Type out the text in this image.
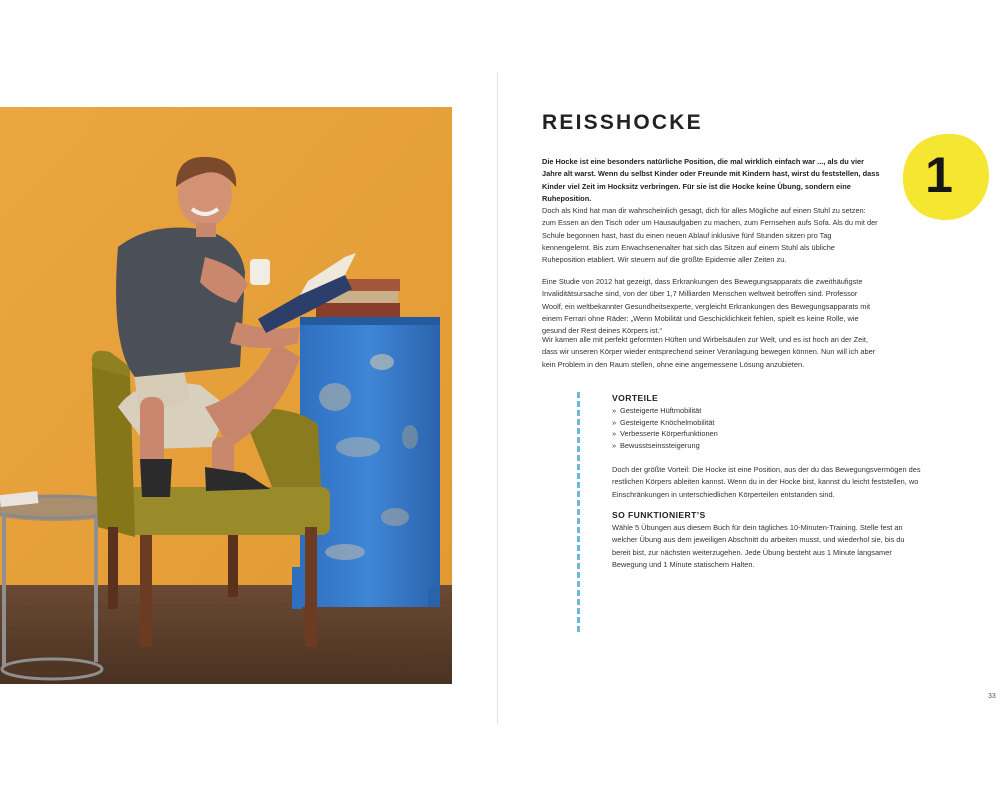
REISSHOCKE
1

Die Hocke ist eine besonders natürliche Position, die mal wirklich einfach war ..., als du vier Jahre alt warst. Wenn du selbst Kinder oder Freunde mit Kindern hast, wirst du feststellen, dass Kinder viel Zeit im Hocksitz verbringen. Für sie ist die Hocke keine Übung, sondern eine Ruheposition.

Doch als Kind hat man dir wahrscheinlich gesagt, dich für alles Mögliche auf einen Stuhl zu setzen: zum Essen an den Tisch oder um Hausaufgaben zu machen, zum Fernsehen aufs Sofa. Als du mit der Schule begonnen hast, hast du einen neuen Ablauf inklusive fünf Stunden sitzen pro Tag kennengelernt. Bis zum Erwachsenenalter hat sich das Sitzen auf einem Stuhl als übliche Ruheposition etabliert. Wir steuern auf die größte Epidemie aller Zeiten zu.

Eine Studie von 2012 hat gezeigt, dass Erkrankungen des Bewegungsapparats die zweithäufigste Invaliditätsursache sind, von der über 1,7 Milliarden Menschen weltweit betroffen sind. Professor Woolf, ein weltbekannter Gesundheitsexperte, vergleicht Erkrankungen des Bewegungsapparats mit einem Ferrari ohne Räder: „Wenn Mobilität und Geschicklichkeit fehlen, spielt es keine Rolle, wie gesund der Rest deines Körpers ist.“

Wir kamen alle mit perfekt geformten Hüften und Wirbelsäulen zur Welt, und es ist hoch an der Zeit, dass wir unseren Körper wieder entsprechend seiner Veranlagung bewegen können. Nun will ich aber kein Problem in den Raum stellen, ohne eine angemessene Lösung anzubieten.

VORTEILE
» Gesteigerte Hüftmobilität
» Gesteigerte Knöchelmobilität
» Verbesserte Körperfunktionen
» Bewusstseinssteigerung

Doch der größte Vorteil: Die Hocke ist eine Position, aus der du das Bewegungsvermögen des restlichen Körpers ableiten kannst. Wenn du in der Hocke bist, kannst du leicht feststellen, wo Einschränkungen in unterschiedlichen Körperteilen entstanden sind.

SO FUNKTIONIERT’S

Wähle 5 Übungen aus diesem Buch für dein tägliches 10-Minuten-Training. Stelle fest an welcher Übung aus dem jeweiligen Abschnitt du arbeiten musst, und wiederhol sie, bis du bereit bist, zur nächsten weiterzugehen. Jede Übung besteht aus 1 Minute langsamer Bewegung und 1 Minute statischem Halten.

33
